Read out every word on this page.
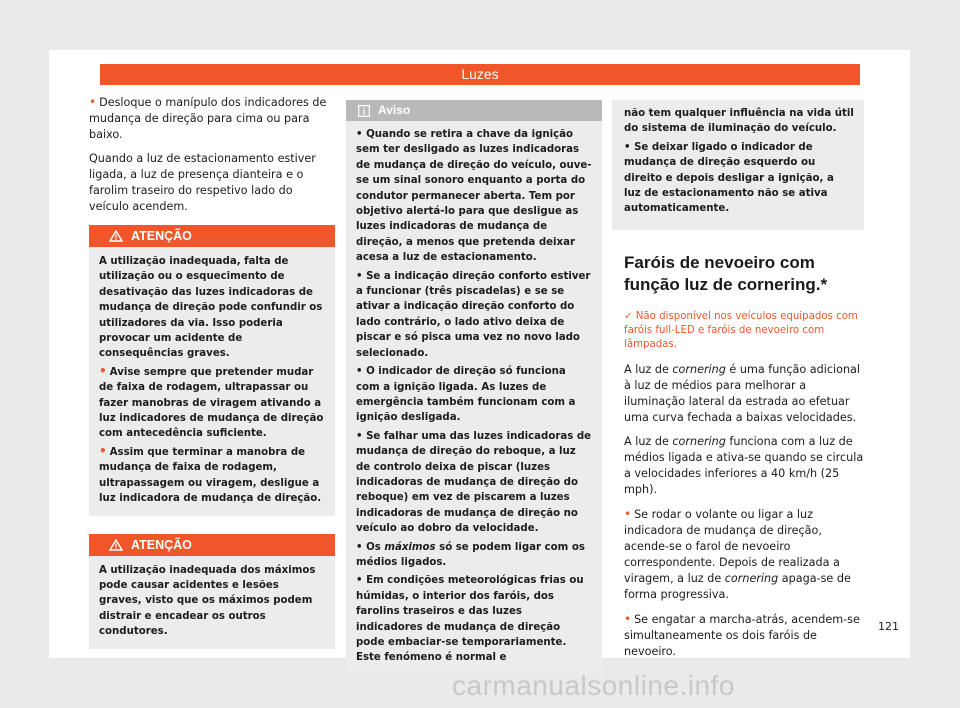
Luzes

• Desloque o manípulo dos indicadores de mudança de direção para cima ou para baixo.

Quando a luz de estacionamento estiver ligada, a luz de presença dianteira e o farolim traseiro do respetivo lado do veículo acendem.

ATENÇÃO

A utilização inadequada, falta de utilização ou o esquecimento de desativação das luzes indicadoras de mudança de direção pode confundir os utilizadores da via. Isso poderia provocar um acidente de consequências graves.

• Avise sempre que pretender mudar de faixa de rodagem, ultrapassar ou fazer manobras de viragem ativando a luz indicadores de mudança de direção com antecedência suficiente.

• Assim que terminar a manobra de mudança de faixa de rodagem, ultrapassagem ou viragem, desligue a luz indicadora de mudança de direção.

ATENÇÃO

A utilização inadequada dos máximos pode causar acidentes e lesões graves, visto que os máximos podem distrair e encadear os outros condutores.

Aviso

• Quando se retira a chave da ignição sem ter desligado as luzes indicadoras de mudança de direção do veículo, ouve-se um sinal sonoro enquanto a porta do condutor permanecer aberta. Tem por objetivo alertá-lo para que desligue as luzes indicadoras de mudança de direção, a menos que pretenda deixar acesa a luz de estacionamento.

• Se a indicação direção conforto estiver a funcionar (três piscadelas) e se se ativar a indicação direção conforto do lado contrário, o lado ativo deixa de piscar e só pisca uma vez no novo lado selecionado.

• O indicador de direção só funciona com a ignição ligada. As luzes de emergência também funcionam com a ignição desligada.

• Se falhar uma das luzes indicadoras de mudança de direção do reboque, a luz de controlo deixa de piscar (luzes indicadoras de mudança de direção do reboque) em vez de piscarem a luzes indicadoras de mudança de direção no veículo ao dobro da velocidade.

• Os máximos só se podem ligar com os médios ligados.

• Em condições meteorológicas frias ou húmidas, o interior dos faróis, dos farolins traseiros e das luzes indicadores de mudança de direção pode embaciar-se temporariamente. Este fenómeno é normal e

não tem qualquer influência na vida útil do sistema de iluminação do veículo.

• Se deixar ligado o indicador de mudança de direção esquerdo ou direito e depois desligar a ignição, a luz de estacionamento não se ativa automaticamente.

Faróis de nevoeiro com função luz de cornering.*
✓ Não disponível nos veículos equipados com faróis full-LED e faróis de nevoeiro com lâmpadas.

A luz de cornering é uma função adicional à luz de médios para melhorar a iluminação lateral da estrada ao efetuar uma curva fechada a baixas velocidades.

A luz de cornering funciona com a luz de médios ligada e ativa-se quando se circula a velocidades inferiores a 40 km/h (25 mph).

• Se rodar o volante ou ligar a luz indicadora de mudança de direção, acende-se o farol de nevoeiro correspondente. Depois de realizada a viragem, a luz de cornering apaga-se de forma progressiva.

• Se engatar a marcha-atrás, acendem-se simultaneamente os dois faróis de nevoeiro.

121
carmanualsonline.info
